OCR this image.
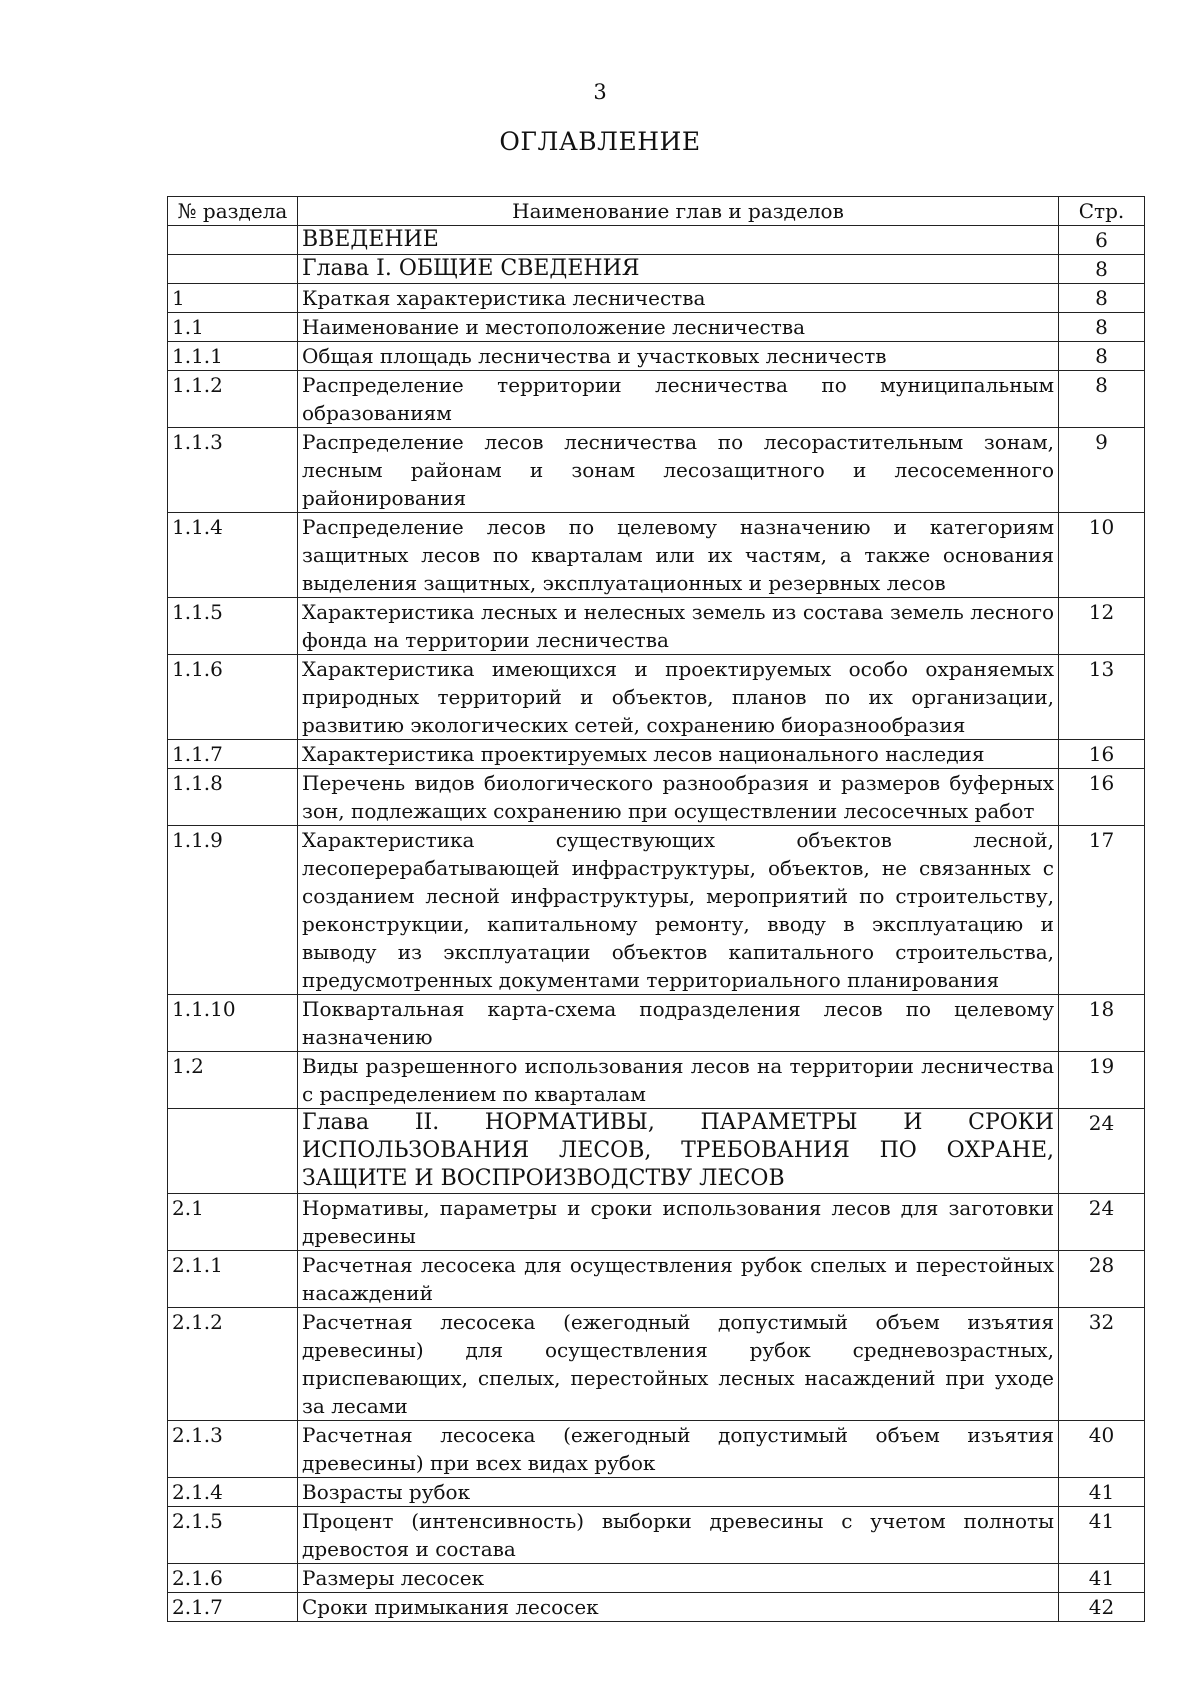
3
ОГЛАВЛЕНИЕ
№ раздела	Наименование глав и разделов	Стр.
	ВВЕДЕНИЕ	6
	Глава I. ОБЩИЕ СВЕДЕНИЯ	8
1	Краткая характеристика лесничества	8
1.1	Наименование и местоположение лесничества	8
1.1.1	Общая площадь лесничества и участковых лесничеств	8
1.1.2	Распределение территории лесничества по муниципальным образованиям	8
1.1.3	Распределение лесов лесничества по лесорастительным зонам, лесным районам и зонам лесозащитного и лесосеменного районирования	9
1.1.4	Распределение лесов по целевому назначению и категориям защитных лесов по кварталам или их частям, а также основания выделения защитных, эксплуатационных и резервных лесов	10
1.1.5	Характеристика лесных и нелесных земель из состава земель лесного фонда на территории лесничества	12
1.1.6	Характеристика имеющихся и проектируемых особо охраняемых природных территорий и объектов, планов по их организации, развитию экологических сетей, сохранению биоразнообразия	13
1.1.7	Характеристика проектируемых лесов национального наследия	16
1.1.8	Перечень видов биологического разнообразия и размеров буферных зон, подлежащих сохранению при осуществлении лесосечных работ	16
1.1.9	Характеристика существующих объектов лесной, лесоперерабатывающей инфраструктуры, объектов, не связанных с созданием лесной инфраструктуры, мероприятий по строительству, реконструкции, капитальному ремонту, вводу в эксплуатацию и выводу из эксплуатации объектов капитального строительства, предусмотренных документами территориального планирования	17
1.1.10	Поквартальная карта-схема подразделения лесов по целевому назначению	18
1.2	Виды разрешенного использования лесов на территории лесничества с распределением по кварталам	19
	Глава II. НОРМАТИВЫ, ПАРАМЕТРЫ И СРОКИ ИСПОЛЬЗОВАНИЯ ЛЕСОВ, ТРЕБОВАНИЯ ПО ОХРАНЕ, ЗАЩИТЕ И ВОСПРОИЗВОДСТВУ ЛЕСОВ	24
2.1	Нормативы, параметры и сроки использования лесов для заготовки древесины	24
2.1.1	Расчетная лесосека для осуществления рубок спелых и перестойных насаждений	28
2.1.2	Расчетная лесосека (ежегодный допустимый объем изъятия древесины) для осуществления рубок средневозрастных, приспевающих, спелых, перестойных лесных насаждений при уходе за лесами	32
2.1.3	Расчетная лесосека (ежегодный допустимый объем изъятия древесины) при всех видах рубок	40
2.1.4	Возрасты рубок	41
2.1.5	Процент (интенсивность) выборки древесины с учетом полноты древостоя и состава	41
2.1.6	Размеры лесосек	41
2.1.7	Сроки примыкания лесосек	42
